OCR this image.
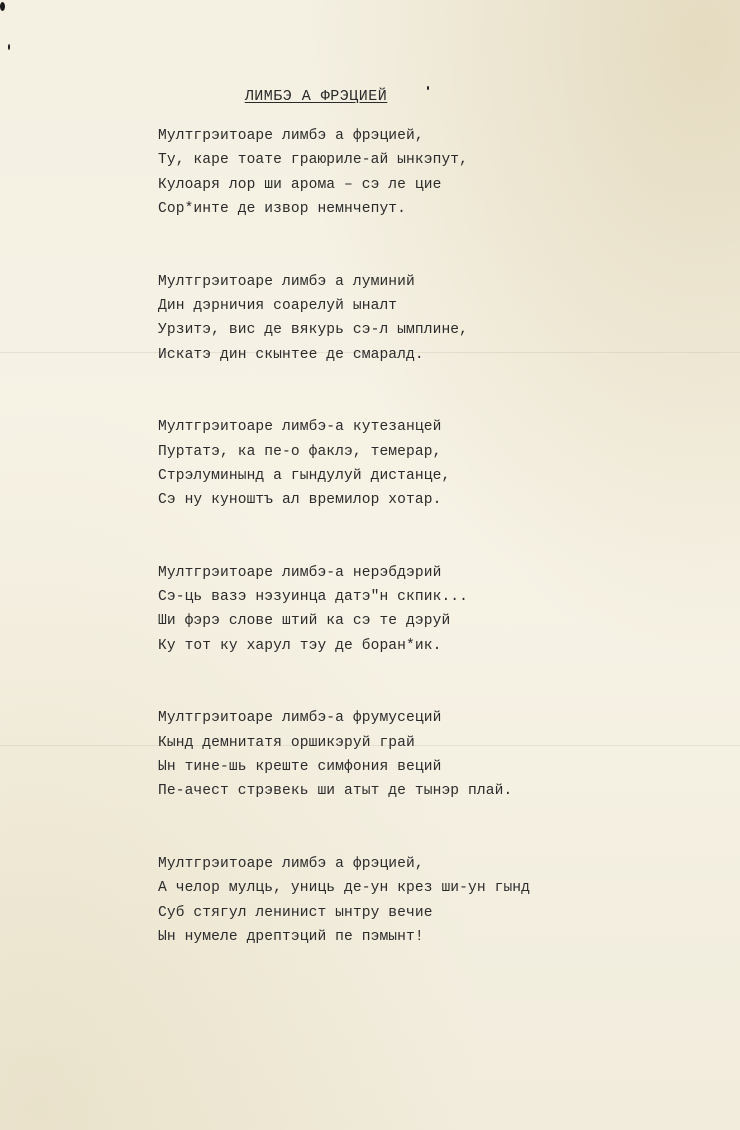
ЛИМБЭ А ФРЭЦИЕЙ
Мултгрэитоаре лимбэ а фрэцией,
Ту, каре тоате граюриле-ай ынкэпут,
Кулоаря лор ши арома – сэ ле цие
Сор*инте де извор немнчепут.
Мултгрэитоаре лимбэ а луминий
Дин дэрничия соарелуй ыналт
Урзитэ, вис де вякурь сэ-л ымплине,
Искатэ дин скынтее де смаралд.
Мултгрэитоаре лимбэ-а кутезанцей
Пуртатэ, ка пе-о факлэ, темерар,
Стрэлуминынд а гындулуй дистанце,
Сэ ну куноштъ ал времилор хотар.
Мултгрэитоаре лимбэ-а нерэбдэрий
Сэ-ць вазэ нэзуинца датэ"н скпик...
Ши фэрэ слове штий ка сэ те дэруй
Ку тот ку харул тэу де боран*ик.
Мултгрэитоаре лимбэ-а фрумусеций
Кынд демнитатя оршикэруй грай
Ын тине-шь креште симфония веций
Пе-ачест стрэвекь ши атыт де тынэр плай.
Мултгрэитоаре лимбэ а фрэцией,
А челор мулць, униць де-ун крез ши-ун гынд
Суб стягул ленинист ынтру вечие
Ын нумеле дрептэций пе пэмынт!
